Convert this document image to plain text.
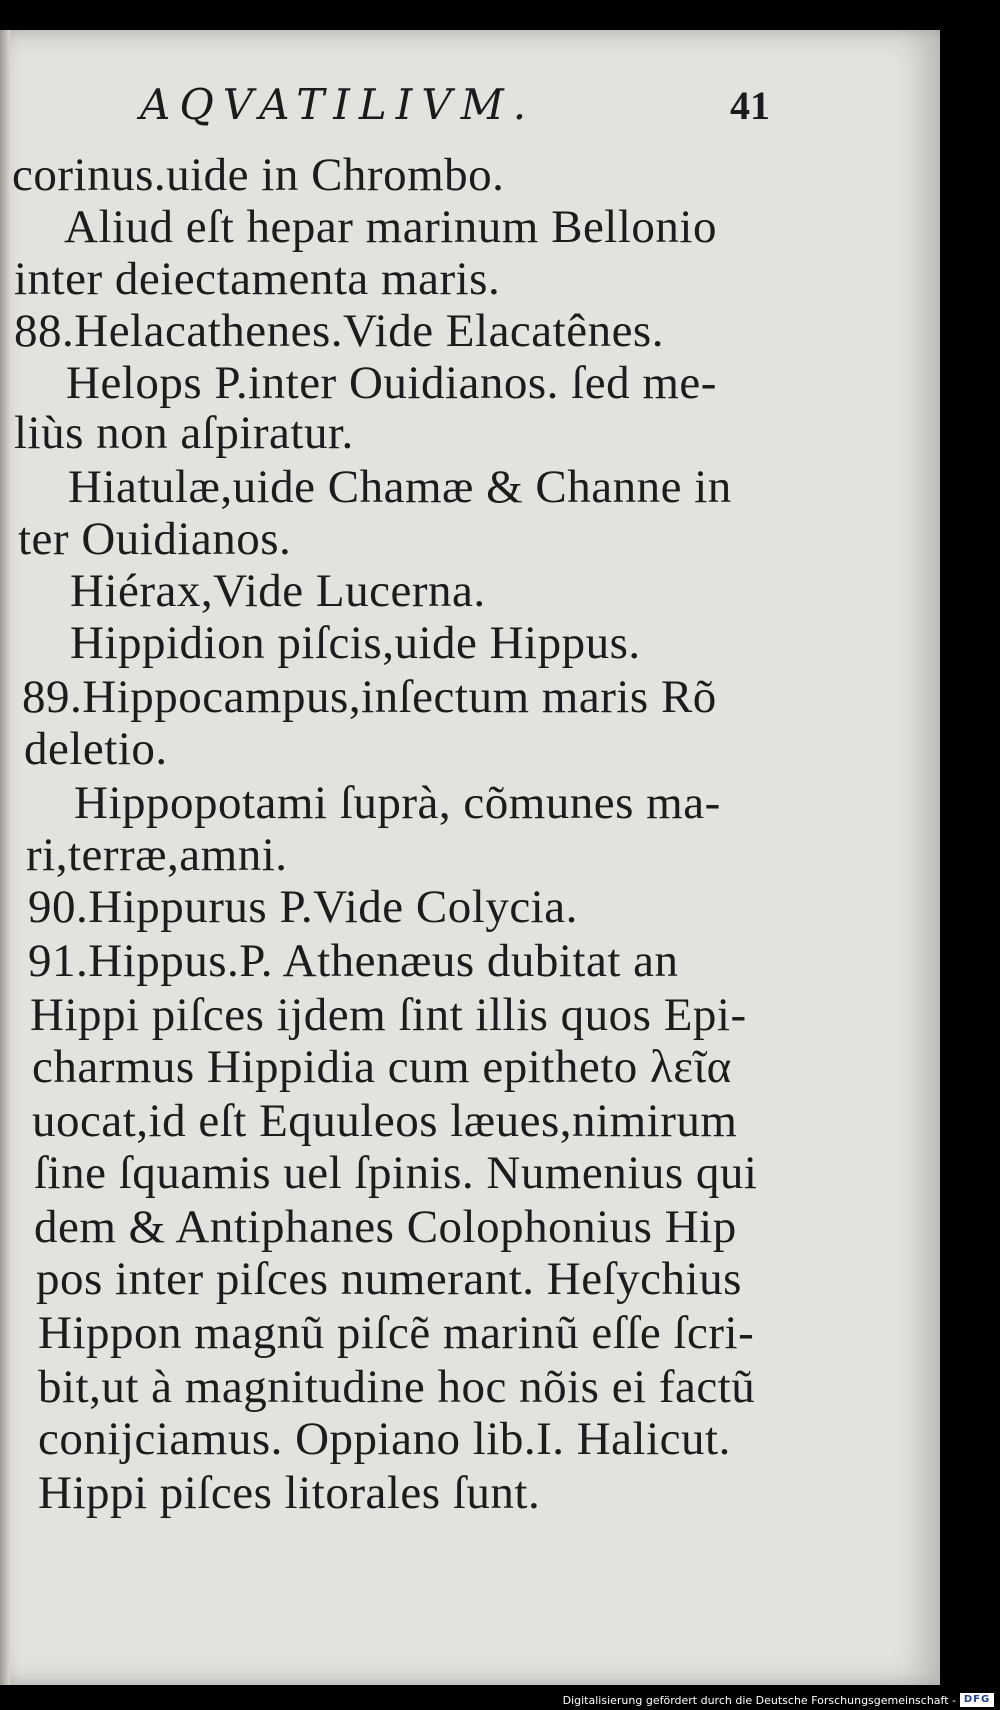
AQVATILIVM.	41
corinus.uide in Chrombo.
Aliud eſt hepar marinum Bellonio
inter deiectamenta maris.
88.Helacathenes.Vide Elacatênes.
Helops P.inter Ouidianos. ſed me-
liùs non aſpiratur.
Hiatulæ,uide Chamæ & Channe in
ter Ouidianos.
Hiérax,Vide Lucerna.
Hippidion piſcis,uide Hippus.
89.Hippocampus,inſectum maris Rõ
deletio.
Hippopotami ſuprà, cõmunes ma-
ri,terræ,amni.
90.Hippurus P.Vide Colycia.
91.Hippus.P. Athenæus dubitat an
Hippi piſces ijdem ſint illis quos Epi-
charmus Hippidia cum epitheto λεῖα
uocat,id eſt Equuleos læues,nimirum
ſine ſquamis uel ſpinis. Numenius qui
dem & Antiphanes Colophonius Hip
pos inter piſces numerant. Heſychius
Hippon magnũ piſcẽ marinũ eſſe ſcri-
bit,ut à magnitudine hoc nõis ei factũ
conijciamus. Oppiano lib.I. Halicut.
Hippi piſces litorales ſunt.
Digitalisierung gefördert durch die Deutsche Forschungsgemeinschaft - DFG
